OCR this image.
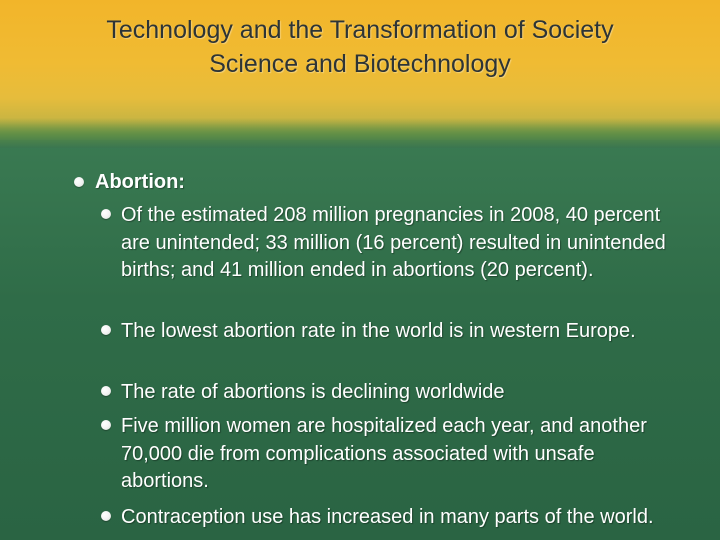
Technology and the Transformation of Society
Science and Biotechnology
Abortion:
Of the estimated 208 million pregnancies in 2008, 40 percent are unintended; 33 million (16 percent) resulted in unintended births; and 41 million ended in abortions (20 percent).
The lowest abortion rate in the world is in western Europe.
The rate of abortions is declining worldwide
Five million women are hospitalized each year, and another 70,000 die from complications associated with unsafe abortions.
Contraception use has increased in many parts of the world.
